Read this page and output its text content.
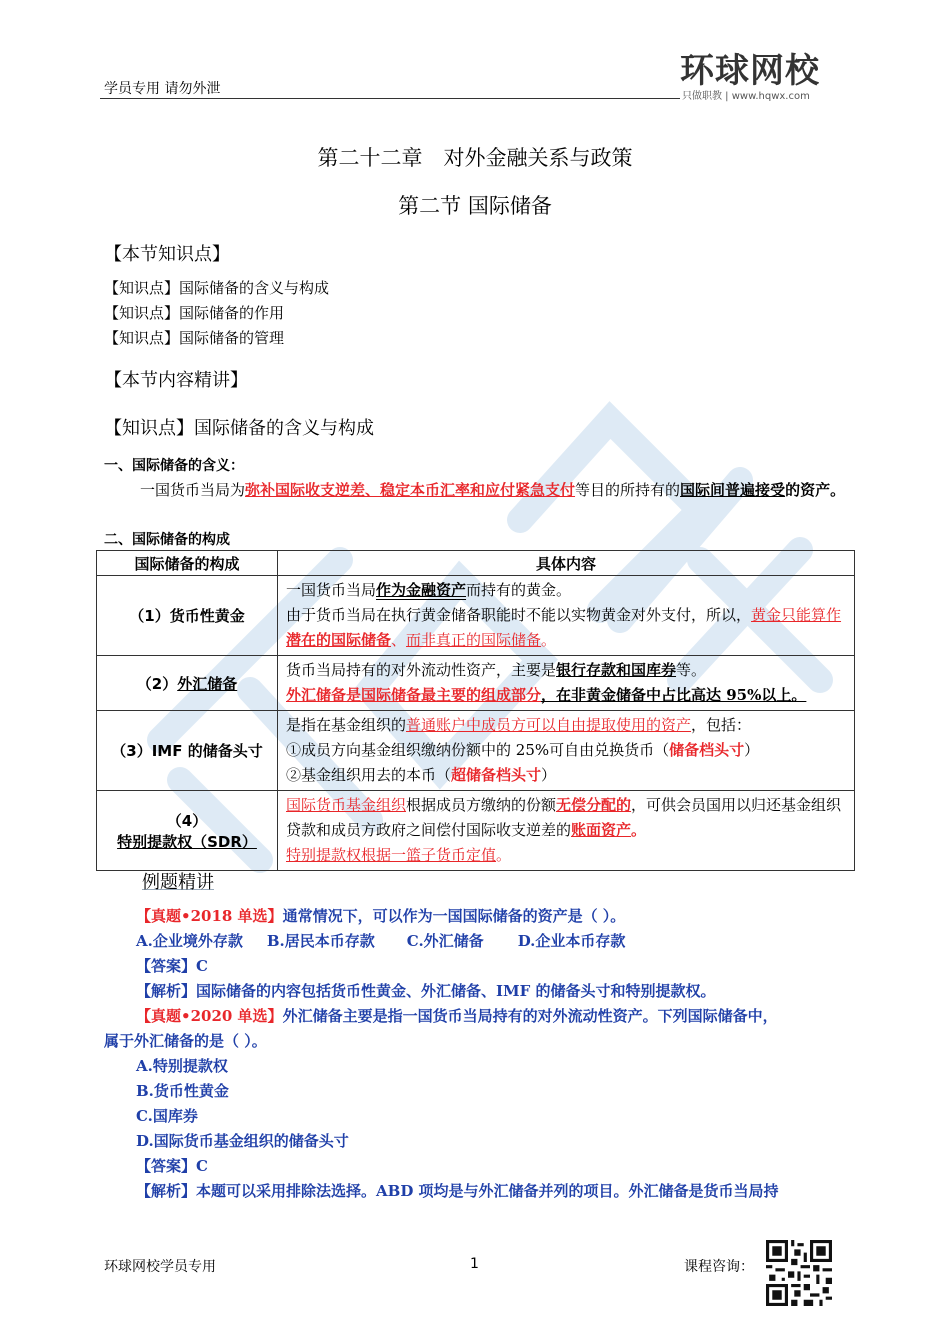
学员专用 请勿外泄	环球网校
只做职教 | www.hqwx.com
第二十二章　对外金融关系与政策
第二节 国际储备
【本节知识点】
【知识点】国际储备的含义与构成
【知识点】国际储备的作用
【知识点】国际储备的管理
【本节内容精讲】
【知识点】国际储备的含义与构成
一、国际储备的含义：
一国货币当局为弥补国际收支逆差、稳定本币汇率和应付紧急支付等目的所持有的国际间普遍接受的资产。
二、国际储备的构成
国际储备的构成	具体内容
（1）货币性黄金	一国货币当局作为金融资产而持有的黄金。
由于货币当局在执行黄金储备职能时不能以实物黄金对外支付，所以，黄金只能算作潜在的国际储备、而非真正的国际储备。

（2）外汇储备	货币当局持有的对外流动性资产，主要是银行存款和国库券等。
外汇储备是国际储备最主要的组成部分，在非黄金储备中占比高达 95%以上。

（3）IMF 的储备头寸	是指在基金组织的普通账户中成员方可以自由提取使用的资产，包括：
①成员方向基金组织缴纳份额中的 25%可自由兑换货币（储备档头寸）
②基金组织用去的本币（超储备档头寸）

（4）特别提款权（SDR）	国际货币基金组织根据成员方缴纳的份额无偿分配的，可供会员国用以归还基金组织贷款和成员方政府之间偿付国际收支逆差的账面资产。
特别提款权根据一篮子货币定值。
例题精讲
【真题•2018 单选】通常情况下，可以作为一国国际储备的资产是（ ）。
A.企业境外存款 B.居民本币存款 C.外汇储备 D.企业本币存款
【答案】C
【解析】国际储备的内容包括货币性黄金、外汇储备、IMF 的储备头寸和特别提款权。
【真题•2020 单选】外汇储备主要是指一国货币当局持有的对外流动性资产。下列国际储备中，
属于外汇储备的是（ ）。
A.特别提款权
B.货币性黄金
C.国库券
D.国际货币基金组织的储备头寸
【答案】C
【解析】本题可以采用排除法选择。ABD 项均是与外汇储备并列的项目。外汇储备是货币当局持
环球网校学员专用	1	课程咨询：
